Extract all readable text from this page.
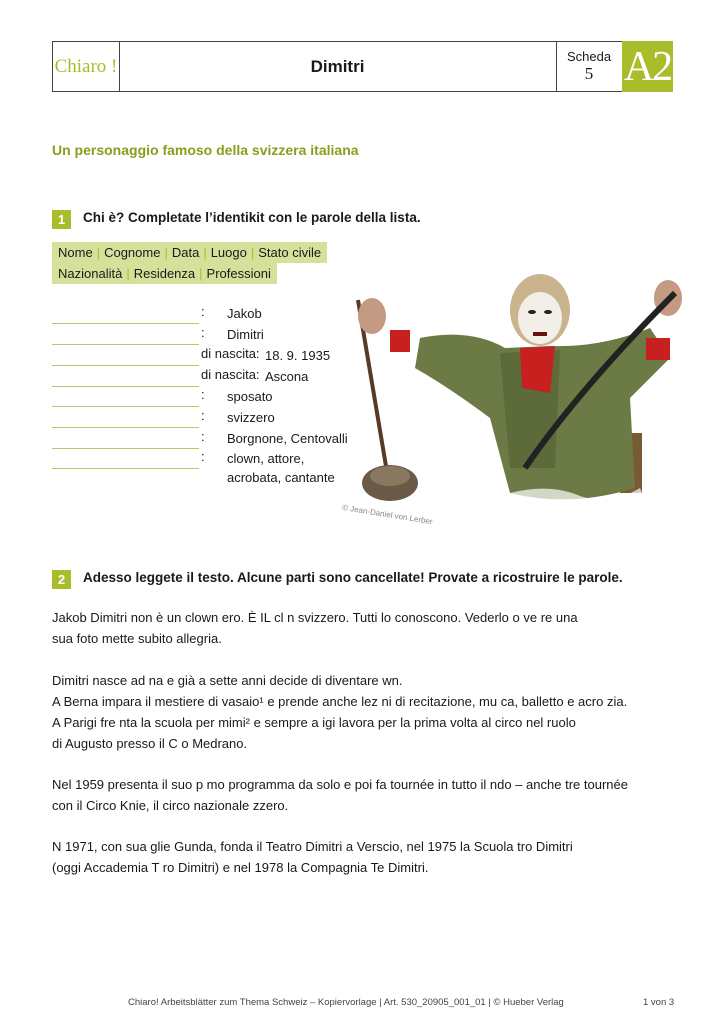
Chiaro !	Dimitri	Scheda
5 A2
Un personaggio famoso della svizzera italiana
1	Chi è? Completate l’identikit con le parole della lista.
Nome | Cognome | Data | Luogo | Stato civile
Nazionalità | Residenza | Professioni
: Jakob
: Dimitri
di nascita: 18. 9. 1935
di nascita: Ascona
: sposato
: svizzero
: Borgnone, Centovalli
: clown, attore,
acrobata, cantante
© Jean-Daniel von Lerber
2	Adesso leggete il testo. Alcune parti sono cancellate! Provate a ricostruire le parole.

Jakob Dimitri non è un clown ero. È IL cl n svizzero. Tutti lo conoscono. Vederlo o ve re una

sua foto mette subito allegria.

Dimitri nasce ad na e già a sette anni decide di diventare wn.

A Berna impara il mestiere di vasaio¹ e prende anche lez ni di recitazione, mu ca, balletto e acro zia.

A Parigi fre nta la scuola per mimi² e sempre a igi lavora per la prima volta al circo nel ruolo

di Augusto presso il C o Medrano.

Nel 1959 presenta il suo p mo programma da solo e poi fa tournée in tutto il ndo – anche tre tournée

con il Circo Knie, il circo nazionale zzero.

N 1971, con sua glie Gunda, fonda il Teatro Dimitri a Verscio, nel 1975 la Scuola tro Dimitri

(oggi Accademia T ro Dimitri) e nel 1978 la Compagnia Te Dimitri.

Chiaro! Arbeitsblätter zum Thema Schweiz – Kopiervorlage | Art. 530_20905_001_01 | © Hueber Verlag	1 von 3
